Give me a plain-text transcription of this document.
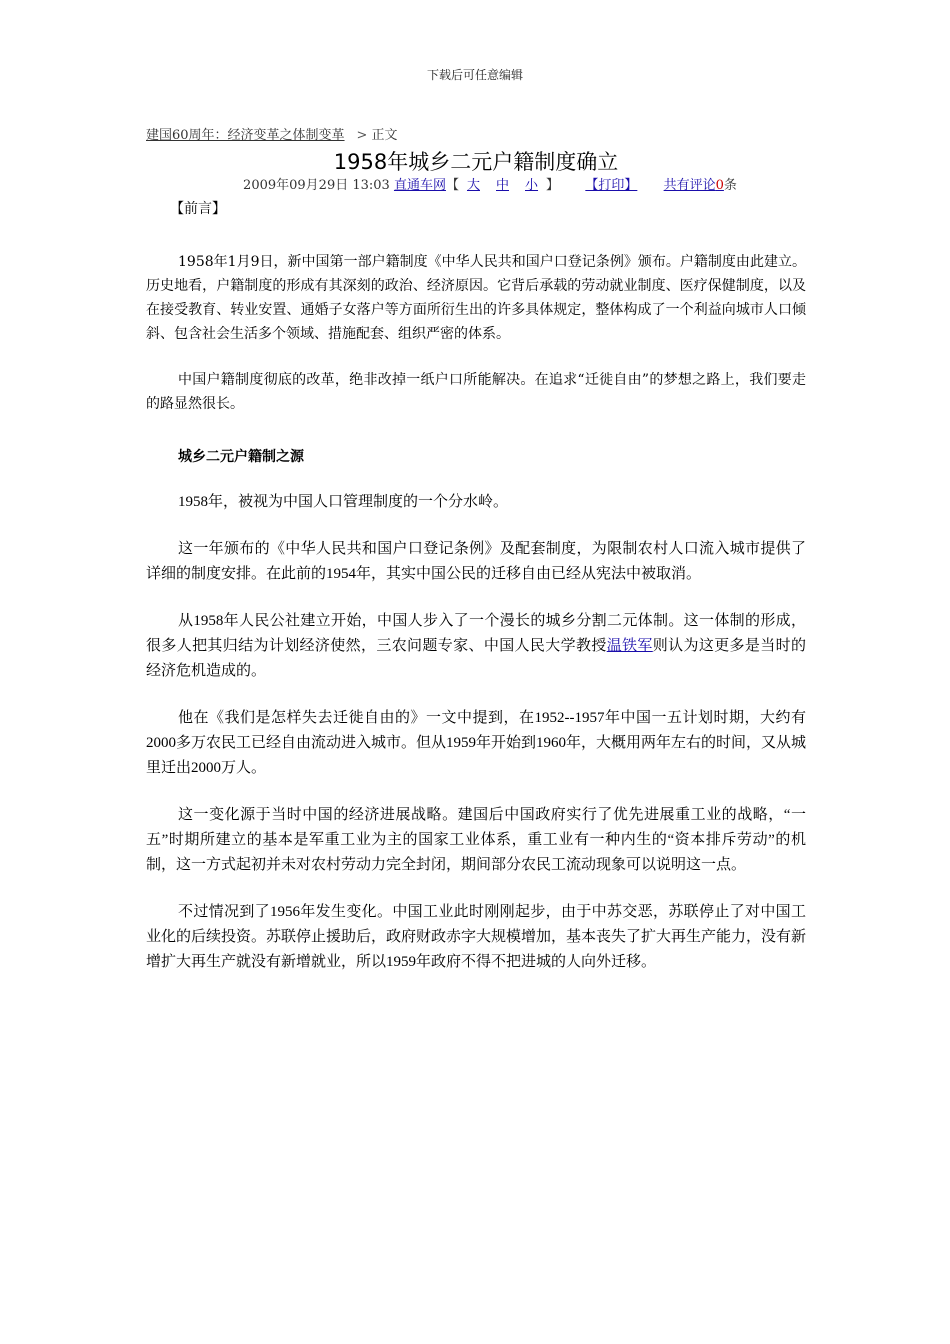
下载后可任意编辑
建国60周年：经济变革之体制变革 > 正文
1958年城乡二元户籍制度确立
2009年09月29日 13:03 直通车网【 大 中 小 】 【打印】 共有评论0条
【前言】

1958年1月9日，新中国第一部户籍制度《中华人民共和国户口登记条例》颁布。户籍制度由此建立。历史地看，户籍制度的形成有其深刻的政治、经济原因。它背后承载的劳动就业制度、医疗保健制度，以及在接受教育、转业安置、通婚子女落户等方面所衍生出的许多具体规定，整体构成了一个利益向城市人口倾斜、包含社会生活多个领域、措施配套、组织严密的体系。

中国户籍制度彻底的改革，绝非改掉一纸户口所能解决。在追求“迁徙自由”的梦想之路上，我们要走的路显然很长。

城乡二元户籍制之源

1958年，被视为中国人口管理制度的一个分水岭。

这一年颁布的《中华人民共和国户口登记条例》及配套制度，为限制农村人口流入城市提供了详细的制度安排。在此前的1954年，其实中国公民的迁移自由已经从宪法中被取消。

从1958年人民公社建立开始，中国人步入了一个漫长的城乡分割二元体制。这一体制的形成，很多人把其归结为计划经济使然，三农问题专家、中国人民大学教授温铁军则认为这更多是当时的经济危机造成的。

他在《我们是怎样失去迁徙自由的》一文中提到，在1952--1957年中国一五计划时期，大约有2000多万农民工已经自由流动进入城市。但从1959年开始到1960年，大概用两年左右的时间，又从城里迁出2000万人。

这一变化源于当时中国的经济进展战略。建国后中国政府实行了优先进展重工业的战略，“一五”时期所建立的基本是军重工业为主的国家工业体系，重工业有一种内生的“资本排斥劳动”的机制，这一方式起初并未对农村劳动力完全封闭，期间部分农民工流动现象可以说明这一点。

不过情况到了1956年发生变化。中国工业此时刚刚起步，由于中苏交恶，苏联停止了对中国工业化的后续投资。苏联停止援助后，政府财政赤字大规模增加，基本丧失了扩大再生产能力，没有新增扩大再生产就没有新增就业，所以1959年政府不得不把进城的人向外迁移。
